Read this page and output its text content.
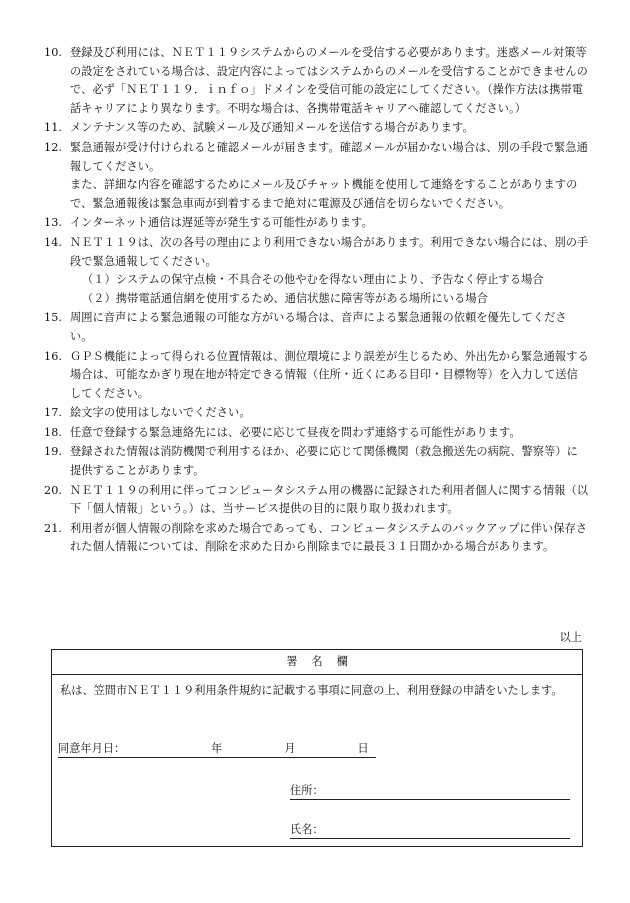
10. 登録及び利用には、ＮＥＴ１１９システムからのメールを受信する必要があります。迷惑メール対策等の設定をされている場合は、設定内容によってはシステムからのメールを受信することができませんので、必ず「ＮＥＴ１１９．ｉｎｆｏ」ドメインを受信可能の設定にしてください。（操作方法は携帯電話キャリアにより異なります。不明な場合は、各携帯電話キャリアへ確認してください。）
11. メンテナンス等のため、試験メール及び通知メールを送信する場合があります。
12. 緊急通報が受け付けられると確認メールが届きます。確認メールが届かない場合は、別の手段で緊急通報してください。
また、詳細な内容を確認するためにメール及びチャット機能を使用して連絡をすることがありますので、緊急通報後は緊急車両が到着するまで絶対に電源及び通信を切らないでください。
13. インターネット通信は遅延等が発生する可能性があります。
14. ＮＥＴ１１９は、次の各号の理由により利用できない場合があります。利用できない場合には、別の手段で緊急通報してください。
（１）システムの保守点検・不具合その他やむを得ない理由により、予告なく停止する場合
（２）携帯電話通信網を使用するため、通信状態に障害等がある場所にいる場合
15. 周囲に音声による緊急通報の可能な方がいる場合は、音声による緊急通報の依頼を優先してください。
16. ＧＰＳ機能によって得られる位置情報は、測位環境により誤差が生じるため、外出先から緊急通報する場合は、可能なかぎり現在地が特定できる情報（住所・近くにある目印・目標物等）を入力して送信してください。
17. 絵文字の使用はしないでください。
18. 任意で登録する緊急連絡先には、必要に応じて昼夜を問わず連絡する可能性があります。
19. 登録された情報は消防機関で利用するほか、必要に応じて関係機関（救急搬送先の病院、警察等）に提供することがあります。
20. ＮＥＴ１１９の利用に伴ってコンピュータシステム用の機器に記録された利用者個人に関する情報（以下「個人情報」という。）は、当サービス提供の目的に限り取り扱われます。
21. 利用者が個人情報の削除を求めた場合であっても、コンピュータシステムのバックアップに伴い保存された個人情報については、削除を求めた日から削除までに最長３１日間かかる場合があります。
以上
署名欄
私は、笠間市ＮＥＴ１１９利用条件規約に記載する事項に同意の上、利用登録の申請をいたします。
同意年月日：	年	月	日
住所：
氏名：
